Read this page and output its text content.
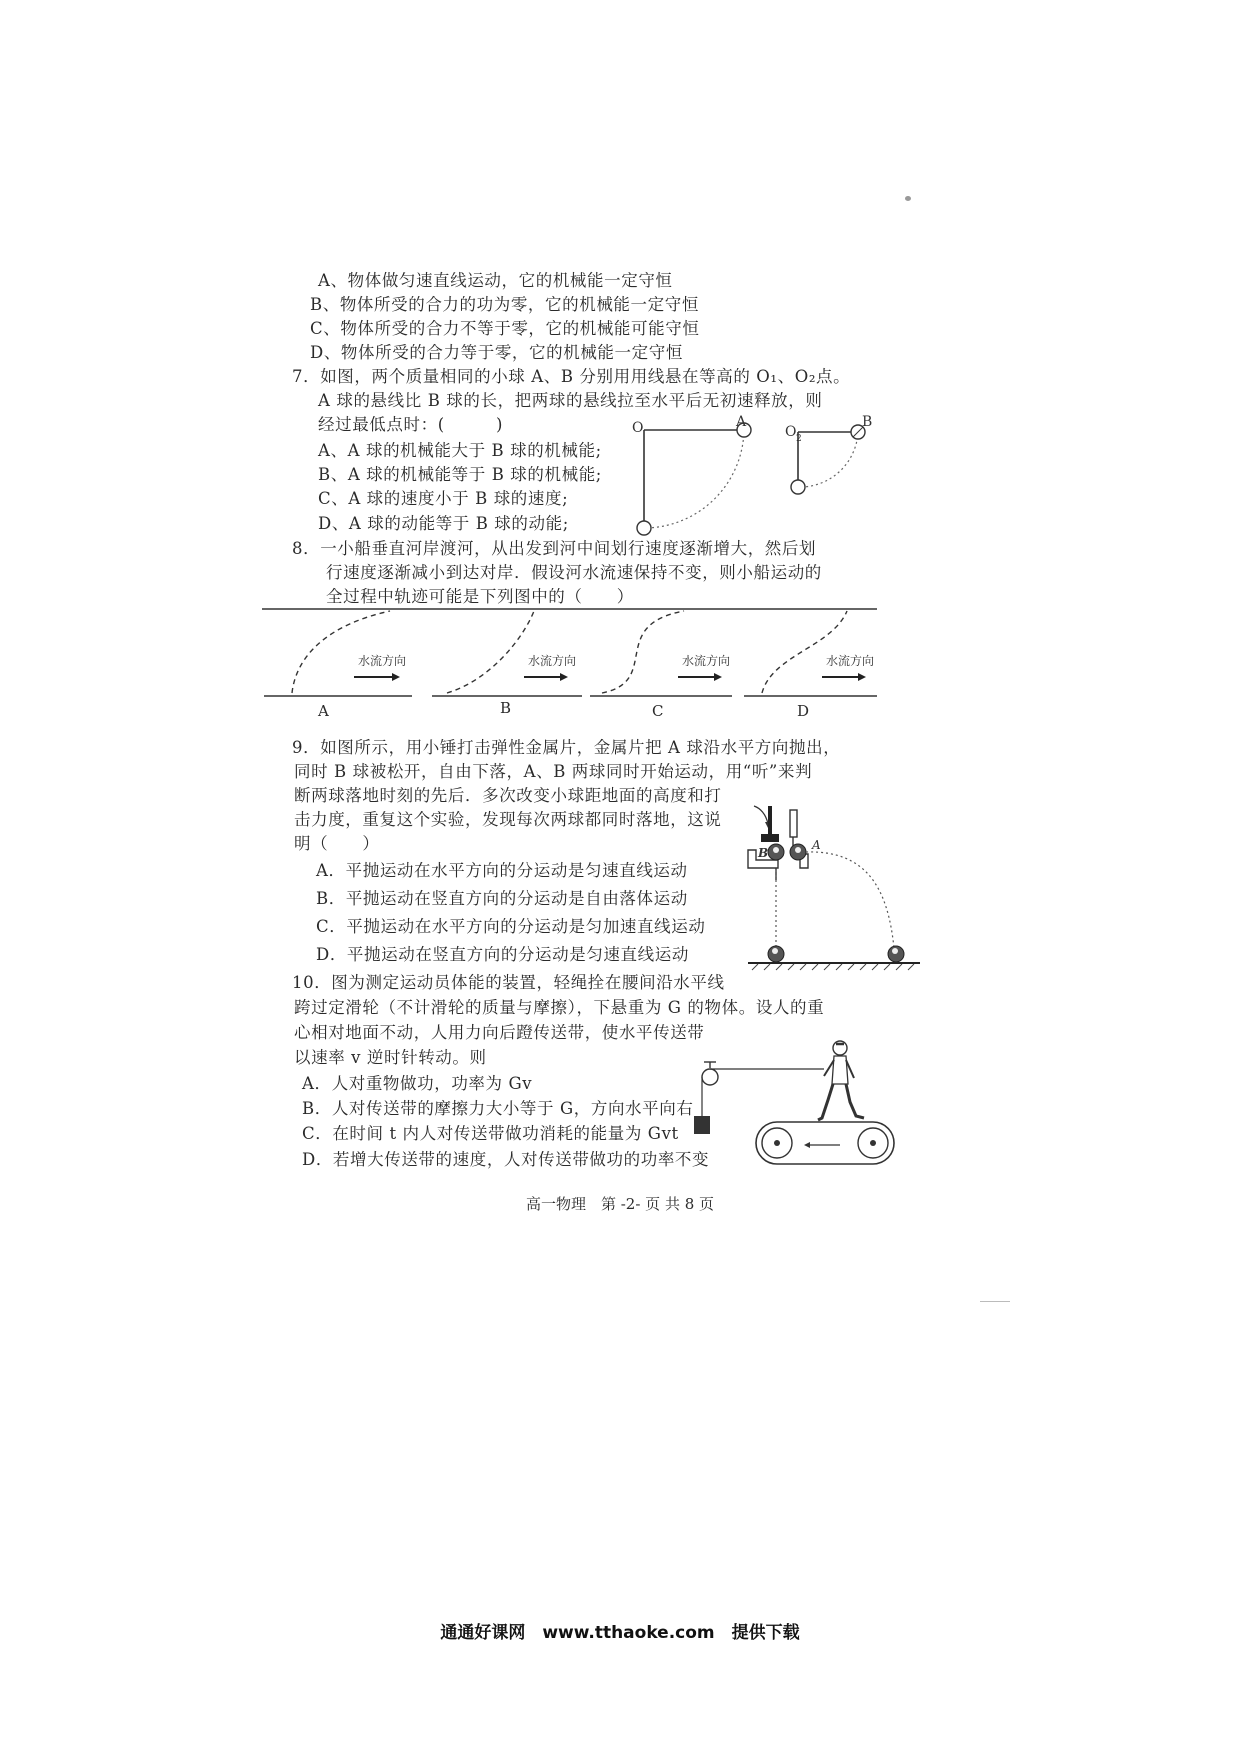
A、物体做匀速直线运动，它的机械能一定守恒
B、物体所受的合力的功为零，它的机械能一定守恒
C、物体所受的合力不等于零，它的机械能可能守恒
D、物体所受的合力等于零，它的机械能一定守恒
7．如图，两个质量相同的小球 A、B 分别用用线悬在等高的 O₁、O₂点。
A 球的悬线比 B 球的长，把两球的悬线拉至水平后无初速释放，则
经过最低点时：(　　　)
A、A 球的机械能大于 B 球的机械能;
B、A 球的机械能等于 B 球的机械能;
C、A 球的速度小于 B 球的速度;
D、A 球的动能等于 B 球的动能;
O	A
O 2
B
8．一小船垂直河岸渡河，从出发到河中间划行速度逐渐增大，然后划
行速度逐渐减小到达对岸．假设河水流速保持不变，则小船运动的
全过程中轨迹可能是下列图中的（　　）
水流方向	水流方向	水流方向	水流方向
A	B	C	D
9．如图所示，用小锤打击弹性金属片，金属片把 A 球沿水平方向抛出，
同时 B 球被松开，自由下落，A、B 两球同时开始运动，用“听”来判
断两球落地时刻的先后．多次改变小球距地面的高度和打
击力度，重复这个实验，发现每次两球都同时落地，这说
明（　　）
A．平抛运动在水平方向的分运动是匀速直线运动
B．平抛运动在竖直方向的分运动是自由落体运动
C．平抛运动在水平方向的分运动是匀加速直线运动
D．平抛运动在竖直方向的分运动是匀速直线运动
B
A
10．图为测定运动员体能的装置，轻绳拴在腰间沿水平线
跨过定滑轮（不计滑轮的质量与摩擦），下悬重为 G 的物体。设人的重
心相对地面不动，人用力向后蹬传送带，使水平传送带
以速率 v 逆时针转动。则
A．人对重物做功，功率为 Gv
B．人对传送带的摩擦力大小等于 G，方向水平向右
C．在时间 t 内人对传送带做功消耗的能量为 Gvt
D．若增大传送带的速度，人对传送带做功的功率不变
高一物理　第 -2- 页 共 8 页
通通好课网　www.tthaoke.com　提供下载
